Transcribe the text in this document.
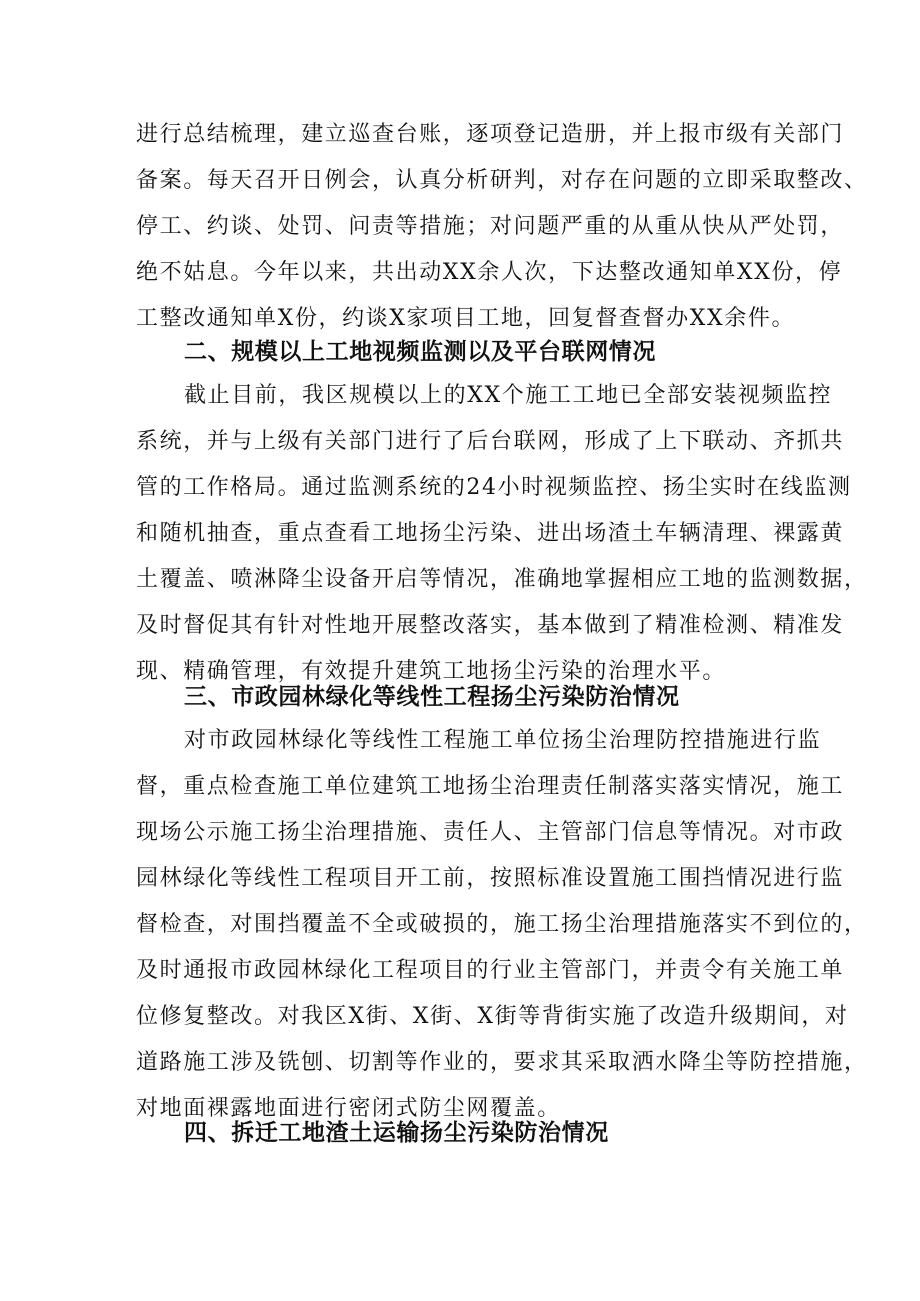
进行总结梳理，建立巡查台账，逐项登记造册，并上报市级有关部门
备案。每天召开日例会，认真分析研判，对存在问题的立即采取整改、
停工、约谈、处罚、问责等措施；对问题严重的从重从快从严处罚，
绝不姑息。今年以来，共出动XX余人次，下达整改通知单XX份，停
工整改通知单X份，约谈X家项目工地，回复督查督办XX余件。
二、规模以上工地视频监测以及平台联网情况
截止目前，我区规模以上的XX个施工工地已全部安装视频监控
系统，并与上级有关部门进行了后台联网，形成了上下联动、齐抓共
管的工作格局。通过监测系统的24小时视频监控、扬尘实时在线监测
和随机抽查，重点查看工地扬尘污染、进出场渣土车辆清理、裸露黄
土覆盖、喷淋降尘设备开启等情况，准确地掌握相应工地的监测数据，
及时督促其有针对性地开展整改落实，基本做到了精准检测、精准发
现、精确管理，有效提升建筑工地扬尘污染的治理水平。
三、市政园林绿化等线性工程扬尘污染防治情况
对市政园林绿化等线性工程施工单位扬尘治理防控措施进行监
督，重点检查施工单位建筑工地扬尘治理责任制落实落实情况，施工
现场公示施工扬尘治理措施、责任人、主管部门信息等情况。对市政
园林绿化等线性工程项目开工前，按照标准设置施工围挡情况进行监
督检查，对围挡覆盖不全或破损的，施工扬尘治理措施落实不到位的，
及时通报市政园林绿化工程项目的行业主管部门，并责令有关施工单
位修复整改。对我区X街、X街、X街等背街实施了改造升级期间，对
道路施工涉及铣刨、切割等作业的，要求其采取洒水降尘等防控措施，
对地面裸露地面进行密闭式防尘网覆盖。
四、拆迁工地渣土运输扬尘污染防治情况
